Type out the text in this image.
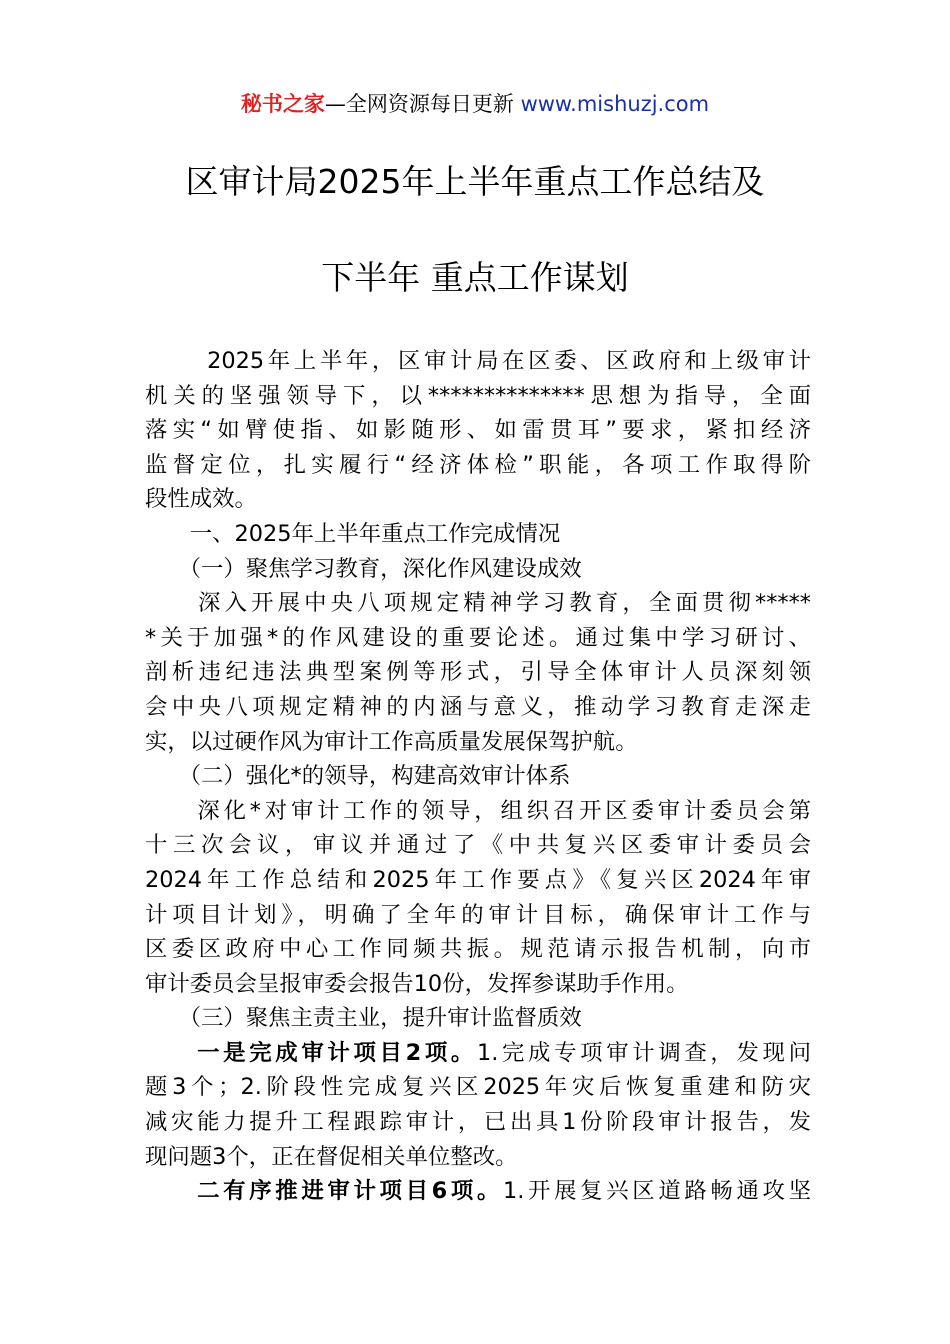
秘书之家—全网资源每日更新 www.mishuzj.com
区审计局2025年上半年重点工作总结及
下半年 重点工作谋划
　　2025年上半年，区审计局在区委、区政府和上级审计
机关的坚强领导下，以**************思想为指导，全面
落实“如臂使指、如影随形、如雷贯耳”要求，紧扣经济
监督定位，扎实履行“经济体检”职能，各项工作取得阶
段性成效。
　　一、2025年上半年重点工作完成情况
　　（一）聚焦学习教育，深化作风建设成效
　　深入开展中央八项规定精神学习教育，全面贯彻*****
*关于加强*的作风建设的重要论述。通过集中学习研讨、
剖析违纪违法典型案例等形式，引导全体审计人员深刻领
会中央八项规定精神的内涵与意义，推动学习教育走深走
实，以过硬作风为审计工作高质量发展保驾护航。
　　（二）强化*的领导，构建高效审计体系
　　深化*对审计工作的领导，组织召开区委审计委员会第
十三次会议，审议并通过了《中共复兴区委审计委员会
2024年工作总结和2025年工作要点》《复兴区2024年审
计项目计划》，明确了全年的审计目标，确保审计工作与
区委区政府中心工作同频共振。规范请示报告机制，向市
审计委员会呈报审委会报告10份，发挥参谋助手作用。
　　（三）聚焦主责主业，提升审计监督质效
　　一是完成审计项目2项。1.完成专项审计调查，发现问
题3个；2.阶段性完成复兴区2025年灾后恢复重建和防灾
减灾能力提升工程跟踪审计，已出具1份阶段审计报告，发
现问题3个，正在督促相关单位整改。
　　二有序推进审计项目6项。1.开展复兴区道路畅通攻坚
